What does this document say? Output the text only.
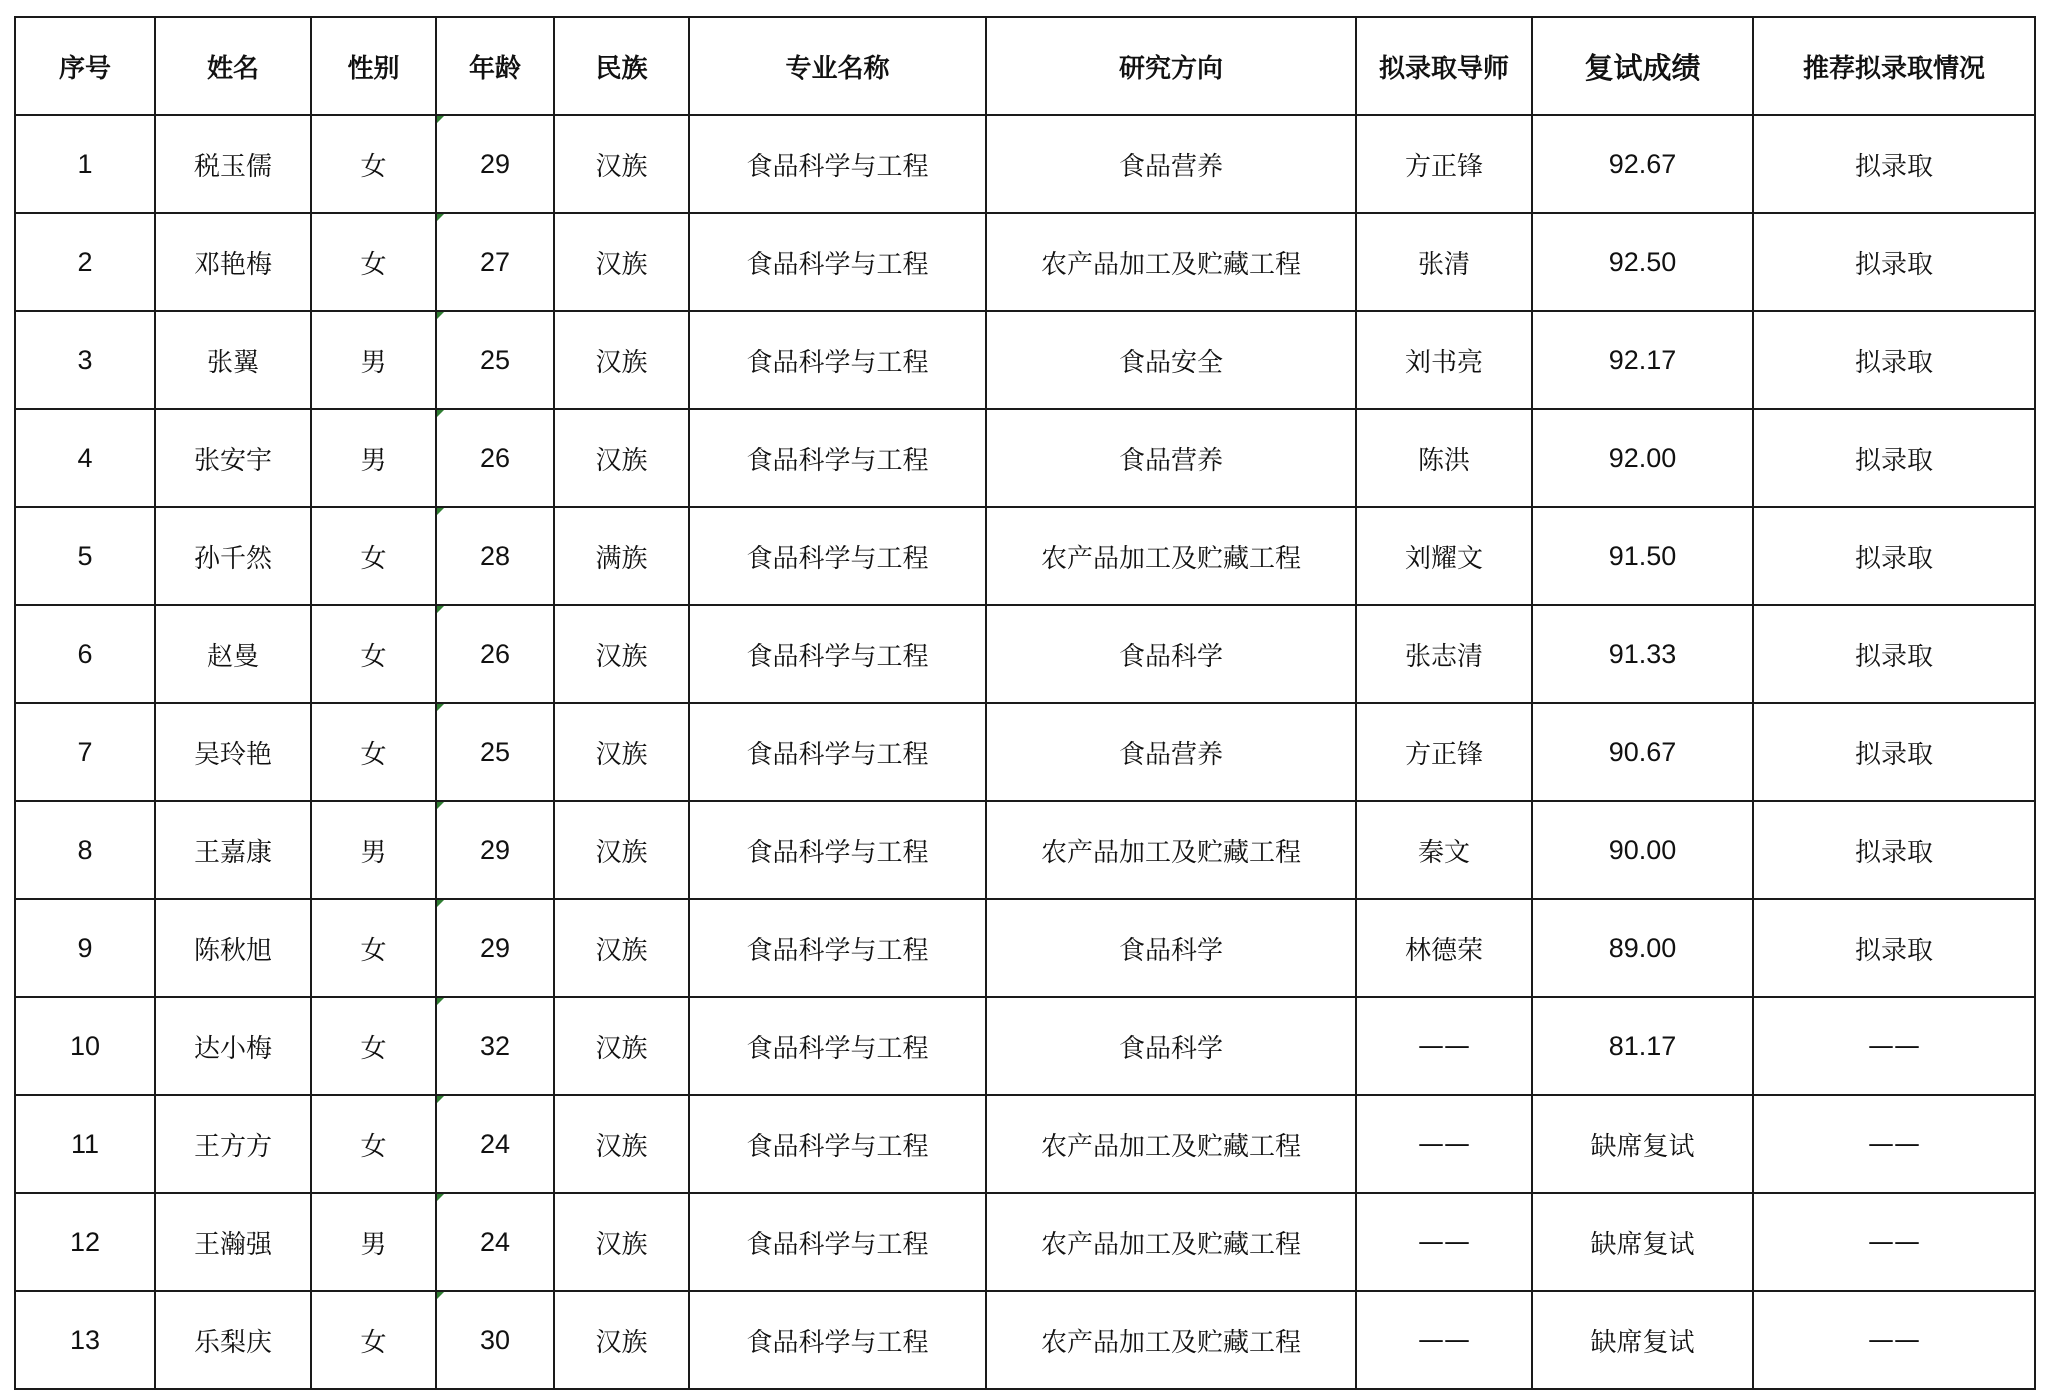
序号	姓名	性别	年龄	民族	专业名称	研究方向	拟录取导师	复试成绩	推荐拟录取情况
1	税玉儒	女	29	汉族	食品科学与工程	食品营养	方正锋	92.67	拟录取
2	邓艳梅	女	27	汉族	食品科学与工程	农产品加工及贮藏工程	张清	92.50	拟录取
3	张翼	男	25	汉族	食品科学与工程	食品安全	刘书亮	92.17	拟录取
4	张安宇	男	26	汉族	食品科学与工程	食品营养	陈洪	92.00	拟录取
5	孙千然	女	28	满族	食品科学与工程	农产品加工及贮藏工程	刘耀文	91.50	拟录取
6	赵曼	女	26	汉族	食品科学与工程	食品科学	张志清	91.33	拟录取
7	吴玲艳	女	25	汉族	食品科学与工程	食品营养	方正锋	90.67	拟录取
8	王嘉康	男	29	汉族	食品科学与工程	农产品加工及贮藏工程	秦文	90.00	拟录取
9	陈秋旭	女	29	汉族	食品科学与工程	食品科学	林德荣	89.00	拟录取
10	达小梅	女	32	汉族	食品科学与工程	食品科学	——	81.17	——
11	王方方	女	24	汉族	食品科学与工程	农产品加工及贮藏工程	——	缺席复试	——
12	王瀚强	男	24	汉族	食品科学与工程	农产品加工及贮藏工程	——	缺席复试	——
13	乐梨庆	女	30	汉族	食品科学与工程	农产品加工及贮藏工程	——	缺席复试	——
